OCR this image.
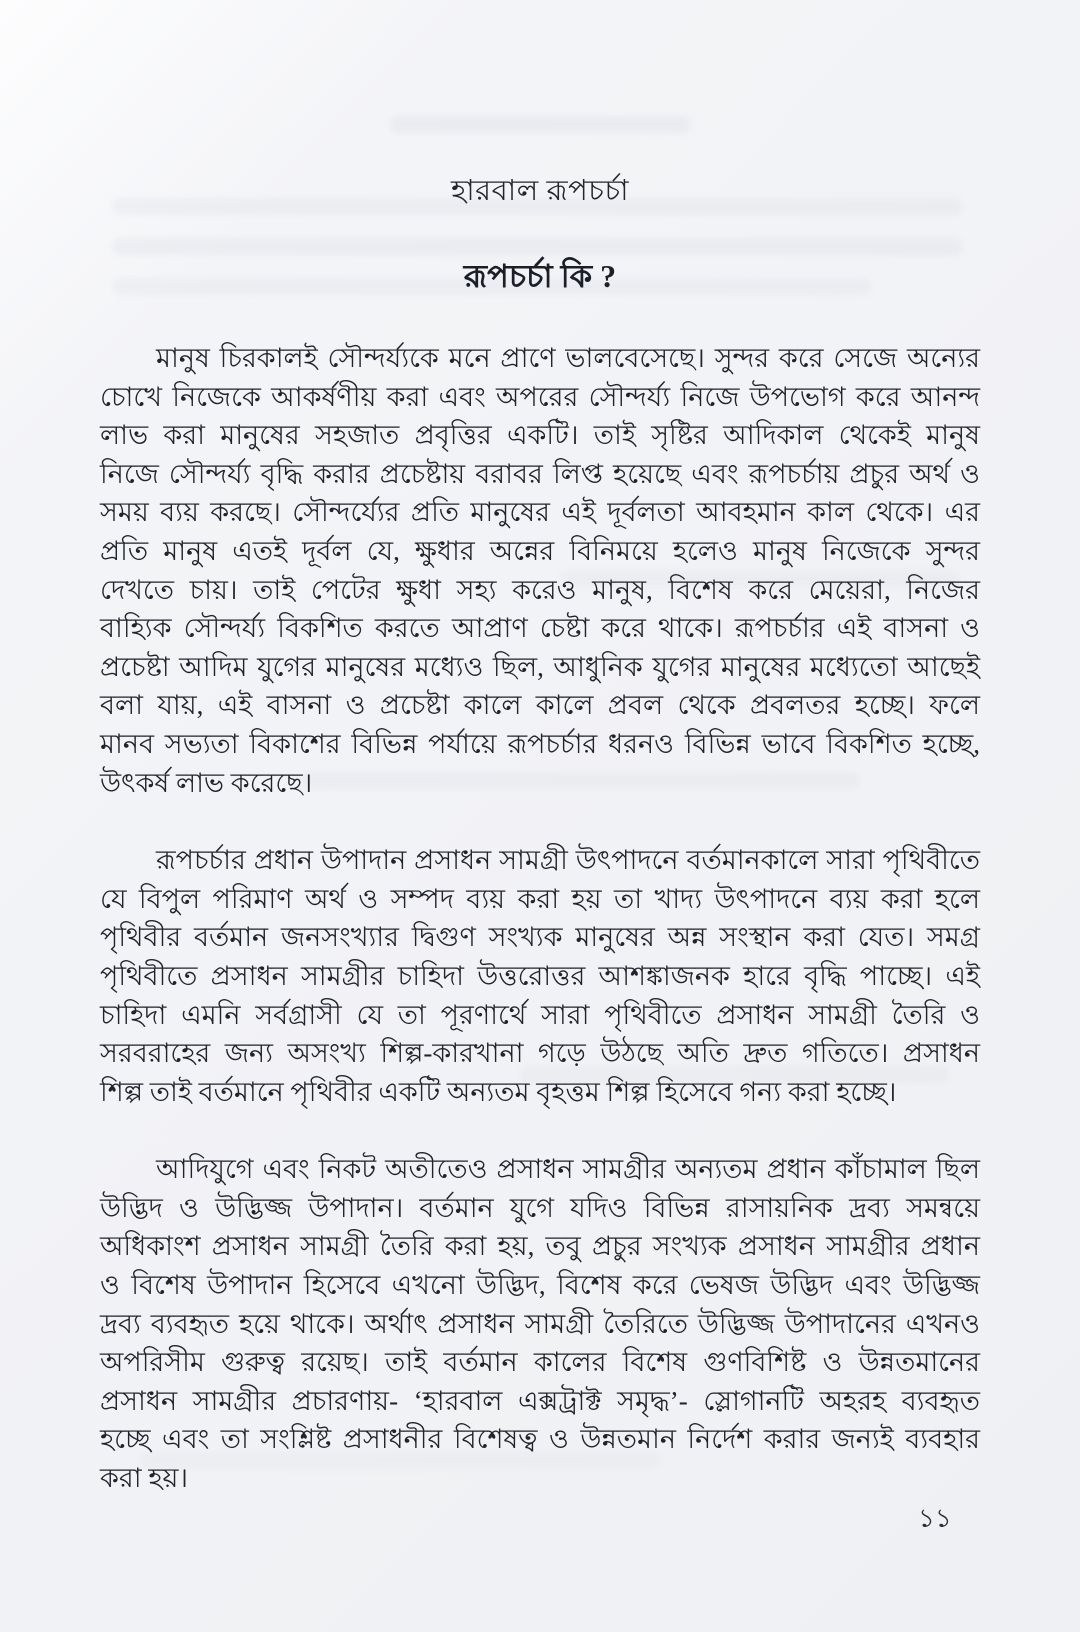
হারবাল রূপচর্চা
রূপচর্চা কি ?
মানুষ চিরকালই সৌন্দর্য্যকে মনে প্রাণে ভালবেসেছে। সুন্দর করে সেজে অন্যের
চোখে নিজেকে আকর্ষণীয় করা এবং অপরের সৌন্দর্য্য নিজে উপভোগ করে আনন্দ
লাভ করা মানুষের সহজাত প্রবৃত্তির একটি। তাই সৃষ্টির আদিকাল থেকেই মানুষ
নিজে সৌন্দর্য্য বৃদ্ধি করার প্রচেষ্টায় বরাবর লিপ্ত হয়েছে এবং রূপচর্চায় প্রচুর অর্থ ও
সময় ব্যয় করছে। সৌন্দর্য্যের প্রতি মানুষের এই দূর্বলতা আবহমান কাল থেকে। এর
প্রতি মানুষ এতই দূর্বল যে, ক্ষুধার অন্নের বিনিময়ে হলেও মানুষ নিজেকে সুন্দর
দেখতে চায়। তাই পেটের ক্ষুধা সহ্য করেও মানুষ, বিশেষ করে মেয়েরা, নিজের
বাহ্যিক সৌন্দর্য্য বিকশিত করতে আপ্রাণ চেষ্টা করে থাকে। রূপচর্চার এই বাসনা ও
প্রচেষ্টা আদিম যুগের মানুষের মধ্যেও ছিল, আধুনিক যুগের মানুষের মধ্যেতো আছেই
বলা যায়, এই বাসনা ও প্রচেষ্টা কালে কালে প্রবল থেকে প্রবলতর হচ্ছে। ফলে
মানব সভ্যতা বিকাশের বিভিন্ন পর্যায়ে রূপচর্চার ধরনও বিভিন্ন ভাবে বিকশিত হচ্ছে,
উৎকর্ষ লাভ করেছে।
রূপচর্চার প্রধান উপাদান প্রসাধন সামগ্রী উৎপাদনে বর্তমানকালে সারা পৃথিবীতে
যে বিপুল পরিমাণ অর্থ ও সম্পদ ব্যয় করা হয় তা খাদ্য উৎপাদনে ব্যয় করা হলে
পৃথিবীর বর্তমান জনসংখ্যার দ্বিগুণ সংখ্যক মানুষের অন্ন সংস্থান করা যেত। সমগ্র
পৃথিবীতে প্রসাধন সামগ্রীর চাহিদা উত্তরোত্তর আশঙ্কাজনক হারে বৃদ্ধি পাচ্ছে। এই
চাহিদা এমনি সর্বগ্রাসী যে তা পূরণার্থে সারা পৃথিবীতে প্রসাধন সামগ্রী তৈরি ও
সরবরাহের জন্য অসংখ্য শিল্প-কারখানা গড়ে উঠছে অতি দ্রুত গতিতে। প্রসাধন
শিল্প তাই বর্তমানে পৃথিবীর একটি অন্যতম বৃহত্তম শিল্প হিসেবে গন্য করা হচ্ছে।
আদিযুগে এবং নিকট অতীতেও প্রসাধন সামগ্রীর অন্যতম প্রধান কাঁচামাল ছিল
উদ্ভিদ ও উদ্ভিজ্জ উপাদান। বর্তমান যুগে যদিও বিভিন্ন রাসায়নিক দ্রব্য সমন্বয়ে
অধিকাংশ প্রসাধন সামগ্রী তৈরি করা হয়, তবু প্রচুর সংখ্যক প্রসাধন সামগ্রীর প্রধান
ও বিশেষ উপাদান হিসেবে এখনো উদ্ভিদ, বিশেষ করে ভেষজ উদ্ভিদ এবং উদ্ভিজ্জ
দ্রব্য ব্যবহৃত হয়ে থাকে। অর্থাৎ প্রসাধন সামগ্রী তৈরিতে উদ্ভিজ্জ উপাদানের এখনও
অপরিসীম গুরুত্ব রয়েছ। তাই বর্তমান কালের বিশেষ গুণবিশিষ্ট ও উন্নতমানের
প্রসাধন সামগ্রীর প্রচারণায়- ‘হারবাল এক্সট্রাক্ট সমৃদ্ধ’- স্লোগানটি অহরহ ব্যবহৃত
হচ্ছে এবং তা সংশ্লিষ্ট প্রসাধনীর বিশেষত্ব ও উন্নতমান নির্দেশ করার জন্যই ব্যবহার
করা হয়।
১১
